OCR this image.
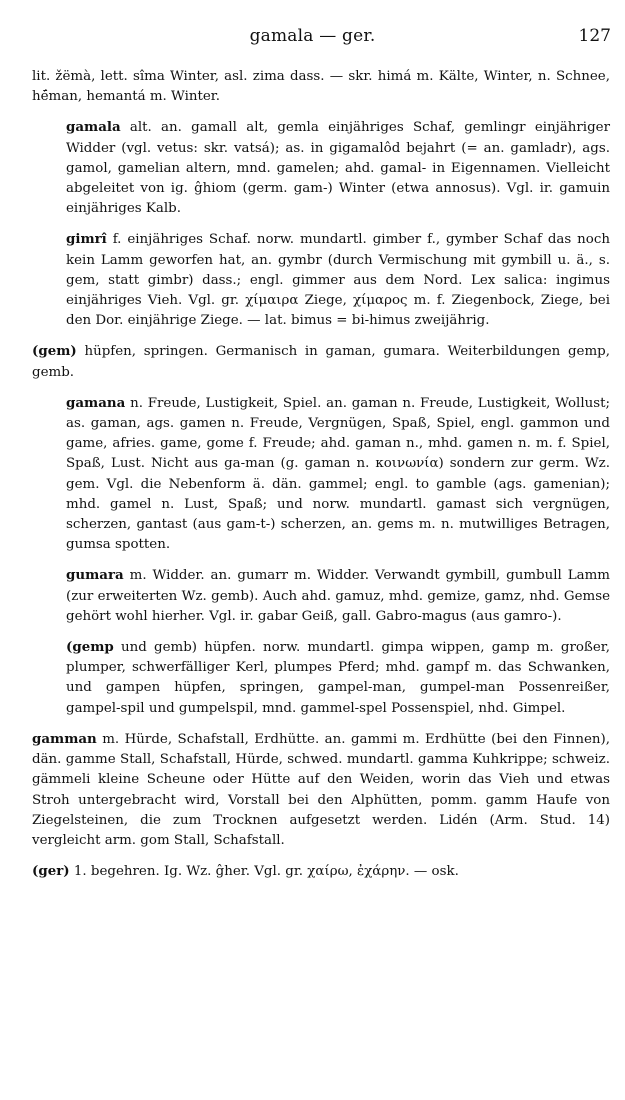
gamala — ger.	127

lit. žëmà, lett. sîma Winter, asl. zima dass. — skr. himá m. Kälte, Winter, n. Schnee, hé̄man, hemantá m. Winter.

gamala alt. an. gamall alt, gemla einjähriges Schaf, gemlingr einjähriger Widder (vgl. vetus: skr. vatsá); as. in gigamalôd bejahrt (= an. gamladr), ags. gamol, gamelian altern, mnd. gamelen; ahd. gamal- in Eigennamen. Vielleicht abgeleitet von ig. ĝhiom (germ. gam-) Winter (etwa annosus). Vgl. ir. gamuin einjähriges Kalb.

gimrî f. einjähriges Schaf. norw. mundartl. gimber f., gymber Schaf das noch kein Lamm geworfen hat, an. gymbr (durch Vermischung mit gymbill u. ä., s. gem, statt gimbr) dass.; engl. gimmer aus dem Nord. Lex salica: ingimus einjähriges Vieh. Vgl. gr. χίμαιρα Ziege, χίμαρος m. f. Ziegenbock, Ziege, bei den Dor. einjährige Ziege. — lat. bimus = bi-himus zweijährig.

(gem) hüpfen, springen. Germanisch in gaman, gumara. Weiterbildungen gemp, gemb.

gamana n. Freude, Lustigkeit, Spiel. an. gaman n. Freude, Lustigkeit, Wollust; as. gaman, ags. gamen n. Freude, Vergnügen, Spaß, Spiel, engl. gammon und game, afries. game, gome f. Freude; ahd. gaman n., mhd. gamen n. m. f. Spiel, Spaß, Lust. Nicht aus ga-man (g. gaman n. κοινωνία) sondern zur germ. Wz. gem. Vgl. die Nebenform ä. dän. gammel; engl. to gamble (ags. gamenian); mhd. gamel n. Lust, Spaß; und norw. mundartl. gamast sich vergnügen, scherzen, gantast (aus gam-t-) scherzen, an. gems m. n. mutwilliges Betragen, gumsa spotten.

gumara m. Widder. an. gumarr m. Widder. Verwandt gymbill, gumbull Lamm (zur erweiterten Wz. gemb). Auch ahd. gamuz, mhd. gemize, gamz, nhd. Gemse gehört wohl hierher. Vgl. ir. gabar Geiß, gall. Gabro-magus (aus gamro-).

(gemp und gemb) hüpfen. norw. mundartl. gimpa wippen, gamp m. großer, plumper, schwerfälliger Kerl, plumpes Pferd; mhd. gampf m. das Schwanken, und gampen hüpfen, springen, gampel-man, gumpel-man Possenreißer, gampel-spil und gumpelspil, mnd. gammel-spel Possenspiel, nhd. Gimpel.

gamman m. Hürde, Schafstall, Erdhütte. an. gammi m. Erdhütte (bei den Finnen), dän. gamme Stall, Schafstall, Hürde, schwed. mundartl. gamma Kuhkrippe; schweiz. gämmeli kleine Scheune oder Hütte auf den Weiden, worin das Vieh und etwas Stroh untergebracht wird, Vorstall bei den Alphütten, pomm. gamm Haufe von Ziegelsteinen, die zum Trocknen aufgesetzt werden. Lidén (Arm. Stud. 14) vergleicht arm. gom Stall, Schafstall.

(ger) 1. begehren. Ig. Wz. ĝher. Vgl. gr. χαίρω, ἐχάρην. — osk.
